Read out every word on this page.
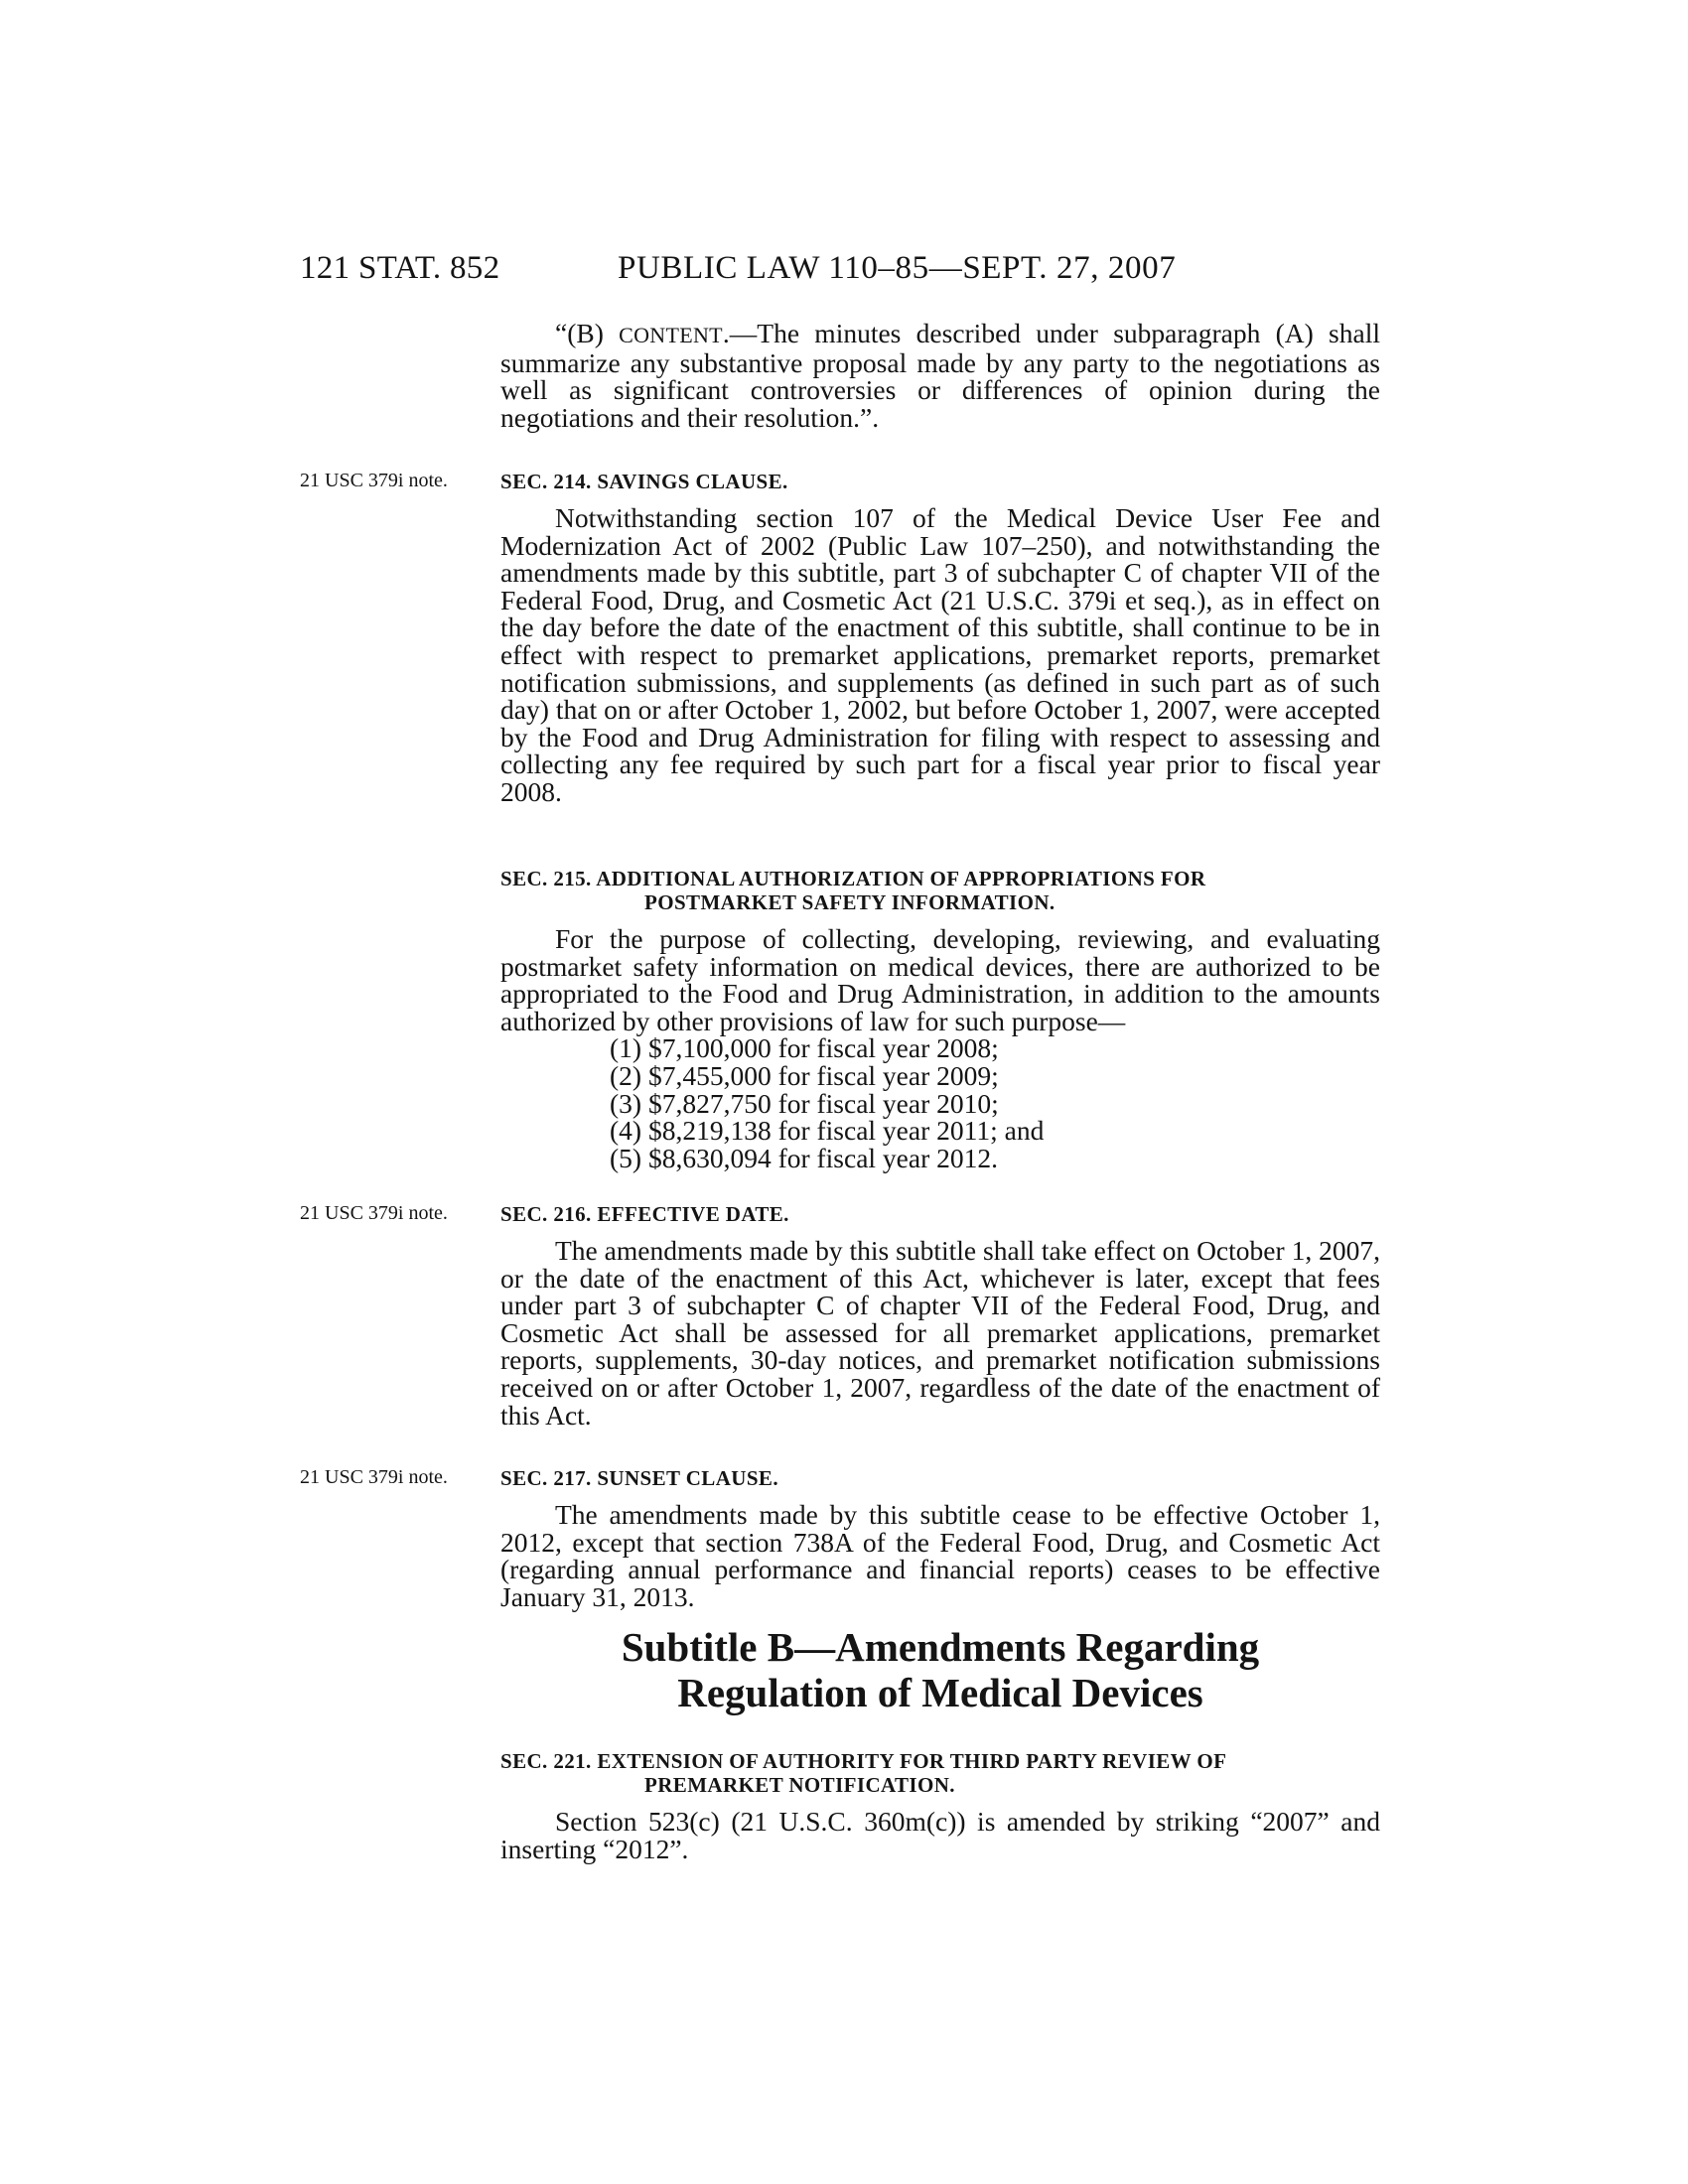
121 STAT. 852	PUBLIC LAW 110–85—SEPT. 27, 2007

“(B) CONTENT.—The minutes described under subparagraph (A) shall summarize any substantive proposal made by any party to the negotiations as well as significant controversies or differences of opinion during the negotiations and their resolution.”.

21 USC 379i note.	SEC. 214. SAVINGS CLAUSE.

Notwithstanding section 107 of the Medical Device User Fee and Modernization Act of 2002 (Public Law 107–250), and notwithstanding the amendments made by this subtitle, part 3 of subchapter C of chapter VII of the Federal Food, Drug, and Cosmetic Act (21 U.S.C. 379i et seq.), as in effect on the day before the date of the enactment of this subtitle, shall continue to be in effect with respect to premarket applications, premarket reports, premarket notification submissions, and supplements (as defined in such part as of such day) that on or after October 1, 2002, but before October 1, 2007, were accepted by the Food and Drug Administration for filing with respect to assessing and collecting any fee required by such part for a fiscal year prior to fiscal year 2008.

SEC. 215. ADDITIONAL AUTHORIZATION OF APPROPRIATIONS FOR
POSTMARKET SAFETY INFORMATION.

For the purpose of collecting, developing, reviewing, and evaluating postmarket safety information on medical devices, there are authorized to be appropriated to the Food and Drug Administration, in addition to the amounts authorized by other provisions of law for such purpose—

(1) $7,100,000 for fiscal year 2008;

(2) $7,455,000 for fiscal year 2009;

(3) $7,827,750 for fiscal year 2010;

(4) $8,219,138 for fiscal year 2011; and

(5) $8,630,094 for fiscal year 2012.

21 USC 379i note.	SEC. 216. EFFECTIVE DATE.

The amendments made by this subtitle shall take effect on October 1, 2007, or the date of the enactment of this Act, whichever is later, except that fees under part 3 of subchapter C of chapter VII of the Federal Food, Drug, and Cosmetic Act shall be assessed for all premarket applications, premarket reports, supplements, 30-day notices, and premarket notification submissions received on or after October 1, 2007, regardless of the date of the enactment of this Act.

21 USC 379i note.	SEC. 217. SUNSET CLAUSE.

The amendments made by this subtitle cease to be effective October 1, 2012, except that section 738A of the Federal Food, Drug, and Cosmetic Act (regarding annual performance and financial reports) ceases to be effective January 31, 2013.

Subtitle B—Amendments Regarding
Regulation of Medical Devices

SEC. 221. EXTENSION OF AUTHORITY FOR THIRD PARTY REVIEW OF
PREMARKET NOTIFICATION.

Section 523(c) (21 U.S.C. 360m(c)) is amended by striking “2007” and inserting “2012”.
